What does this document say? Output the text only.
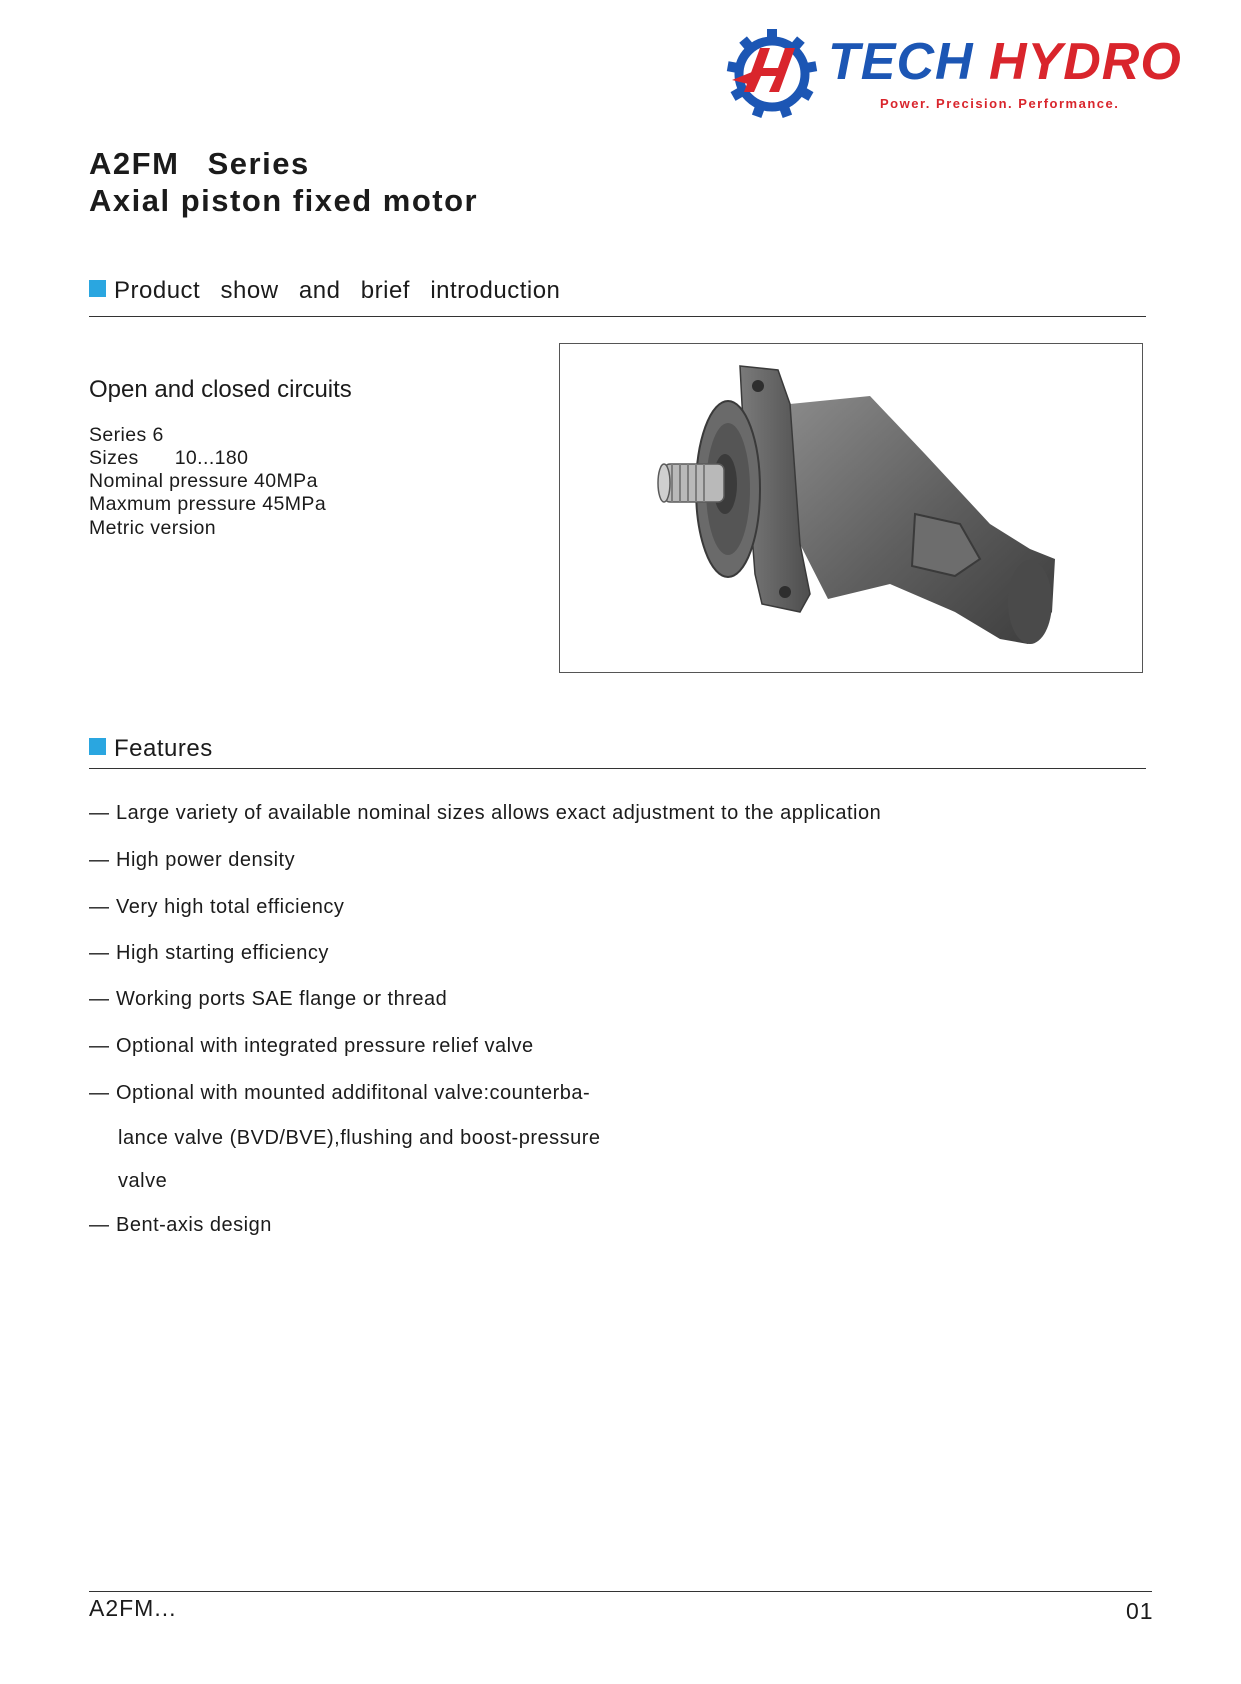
TECH HYDRO
Power. Precision. Performance.
A2FM  Series
Axial piston fixed motor
Product  show  and  brief  introduction
Open and closed circuits
Series 6
Sizes 10...180
Nominal pressure 40MPa
Maxmum pressure 45MPa
Metric version
Features
— Large variety of available nominal sizes allows exact adjustment to the application
— High power density
— Very high total efficiency
— High starting efficiency
— Working ports SAE flange or thread
— Optional with integrated pressure relief valve
— Optional with mounted addifitonal valve:counterba-
lance valve (BVD/BVE),flushing and boost-pressure
valve
— Bent-axis design
A2FM...	01
